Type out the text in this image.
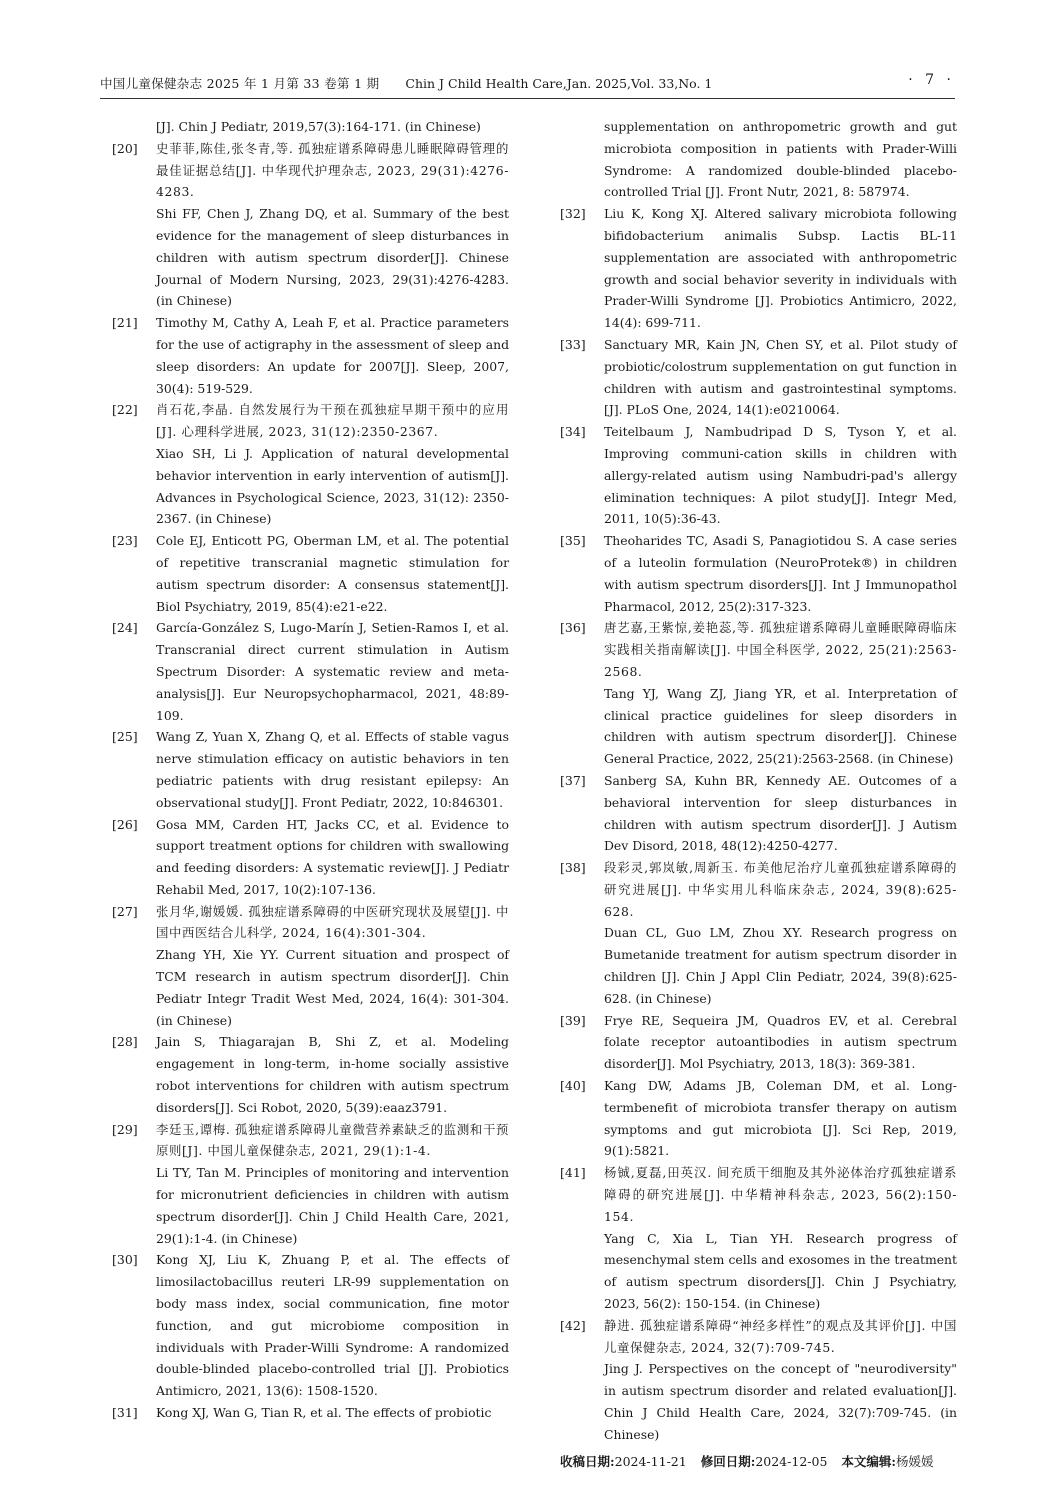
中国儿童保健杂志 2025 年 1 月第 33 卷第 1 期 Chin J Child Health Care,Jan. 2025,Vol. 33,No. 1	· 7 ·

[J]. Chin J Pediatr, 2019,57(3):164-171. (in Chinese)

[20] 史菲菲,陈佳,张冬青,等. 孤独症谱系障碍患儿睡眠障碍管理的最佳证据总结[J]. 中华现代护理杂志, 2023, 29(31):4276-4283.

Shi FF, Chen J, Zhang DQ, et al. Summary of the best evidence for the management of sleep disturbances in children with autism spectrum disorder[J]. Chinese Journal of Modern Nursing, 2023, 29(31):4276-4283. (in Chinese)

[21] Timothy M, Cathy A, Leah F, et al. Practice parameters for the use of actigraphy in the assessment of sleep and sleep disorders: An update for 2007[J]. Sleep, 2007, 30(4): 519-529.

[22] 肖石花,李晶. 自然发展行为干预在孤独症早期干预中的应用[J]. 心理科学进展, 2023, 31(12):2350-2367.

Xiao SH, Li J. Application of natural developmental behavior intervention in early intervention of autism[J]. Advances in Psychological Science, 2023, 31(12): 2350-2367. (in Chinese)

[23] Cole EJ, Enticott PG, Oberman LM, et al. The potential of repetitive transcranial magnetic stimulation for autism spectrum disorder: A consensus statement[J]. Biol Psychiatry, 2019, 85(4):e21-e22.

[24] García-González S, Lugo-Marín J, Setien-Ramos I, et al. Transcranial direct current stimulation in Autism Spectrum Disorder: A systematic review and meta-analysis[J]. Eur Neuropsychopharmacol, 2021, 48:89-109.

[25] Wang Z, Yuan X, Zhang Q, et al. Effects of stable vagus nerve stimulation efficacy on autistic behaviors in ten pediatric patients with drug resistant epilepsy: An observational study[J]. Front Pediatr, 2022, 10:846301.

[26] Gosa MM, Carden HT, Jacks CC, et al. Evidence to support treatment options for children with swallowing and feeding disorders: A systematic review[J]. J Pediatr Rehabil Med, 2017, 10(2):107-136.

[27] 张月华,谢媛媛. 孤独症谱系障碍的中医研究现状及展望[J]. 中国中西医结合儿科学, 2024, 16(4):301-304.

Zhang YH, Xie YY. Current situation and prospect of TCM research in autism spectrum disorder[J]. Chin Pediatr Integr Tradit West Med, 2024, 16(4): 301-304. (in Chinese)

[28] Jain S, Thiagarajan B, Shi Z, et al. Modeling engagement in long-term, in-home socially assistive robot interventions for children with autism spectrum disorders[J]. Sci Robot, 2020, 5(39):eaaz3791.

[29] 李廷玉,谭梅. 孤独症谱系障碍儿童微营养素缺乏的监测和干预原则[J]. 中国儿童保健杂志, 2021, 29(1):1-4.

Li TY, Tan M. Principles of monitoring and intervention for micronutrient deficiencies in children with autism spectrum disorder[J]. Chin J Child Health Care, 2021, 29(1):1-4. (in Chinese)

[30] Kong XJ, Liu K, Zhuang P, et al. The effects of limosilactobacillus reuteri LR-99 supplementation on body mass index, social communication, fine motor function, and gut microbiome composition in individuals with Prader-Willi Syndrome: A randomized double-blinded placebo-controlled trial [J]. Probiotics Antimicro, 2021, 13(6): 1508-1520.

[31] Kong XJ, Wan G, Tian R, et al. The effects of probiotic

supplementation on anthropometric growth and gut microbiota composition in patients with Prader-Willi Syndrome: A randomized double-blinded placebo-controlled Trial [J]. Front Nutr, 2021, 8: 587974.

[32] Liu K, Kong XJ. Altered salivary microbiota following bifidobacterium animalis Subsp. Lactis BL-11 supplementation are associated with anthropometric growth and social behavior severity in individuals with Prader-Willi Syndrome [J]. Probiotics Antimicro, 2022, 14(4): 699-711.

[33] Sanctuary MR, Kain JN, Chen SY, et al. Pilot study of probiotic/colostrum supplementation on gut function in children with autism and gastrointestinal symptoms. [J]. PLoS One, 2024, 14(1):e0210064.

[34] Teitelbaum J, Nambudripad D S, Tyson Y, et al. Improving communi-cation skills in children with allergy-related autism using Nambudri-pad's allergy elimination techniques: A pilot study[J]. Integr Med, 2011, 10(5):36-43.

[35] Theoharides TC, Asadi S, Panagiotidou S. A case series of a luteolin formulation (NeuroProtek®) in children with autism spectrum disorders[J]. Int J Immunopathol Pharmacol, 2012, 25(2):317-323.

[36] 唐艺嘉,王紫惊,姜艳蕊,等. 孤独症谱系障碍儿童睡眠障碍临床实践相关指南解读[J]. 中国全科医学, 2022, 25(21):2563-2568.

Tang YJ, Wang ZJ, Jiang YR, et al. Interpretation of clinical practice guidelines for sleep disorders in children with autism spectrum disorder[J]. Chinese General Practice, 2022, 25(21):2563-2568. (in Chinese)

[37] Sanberg SA, Kuhn BR, Kennedy AE. Outcomes of a behavioral intervention for sleep disturbances in children with autism spectrum disorder[J]. J Autism Dev Disord, 2018, 48(12):4250-4277.

[38] 段彩灵,郭岚敏,周新玉. 布美他尼治疗儿童孤独症谱系障碍的研究进展[J]. 中华实用儿科临床杂志, 2024, 39(8):625-628.

Duan CL, Guo LM, Zhou XY. Research progress on Bumetanide treatment for autism spectrum disorder in children [J]. Chin J Appl Clin Pediatr, 2024, 39(8):625-628. (in Chinese)

[39] Frye RE, Sequeira JM, Quadros EV, et al. Cerebral folate receptor autoantibodies in autism spectrum disorder[J]. Mol Psychiatry, 2013, 18(3): 369-381.

[40] Kang DW, Adams JB, Coleman DM, et al. Long-termbenefit of microbiota transfer therapy on autism symptoms and gut microbiota [J]. Sci Rep, 2019, 9(1):5821.

[41] 杨铖,夏磊,田英汉. 间充质干细胞及其外泌体治疗孤独症谱系障碍的研究进展[J]. 中华精神科杂志, 2023, 56(2):150-154.

Yang C, Xia L, Tian YH. Research progress of mesenchymal stem cells and exosomes in the treatment of autism spectrum disorders[J]. Chin J Psychiatry, 2023, 56(2): 150-154. (in Chinese)

[42] 静进. 孤独症谱系障碍“神经多样性”的观点及其评价[J]. 中国儿童保健杂志, 2024, 32(7):709-745.

Jing J. Perspectives on the concept of "neurodiversity" in autism spectrum disorder and related evaluation[J]. Chin J Child Health Care, 2024, 32(7):709-745. (in Chinese)

收稿日期:2024-11-21 修回日期:2024-12-05 本文编辑:杨媛媛
